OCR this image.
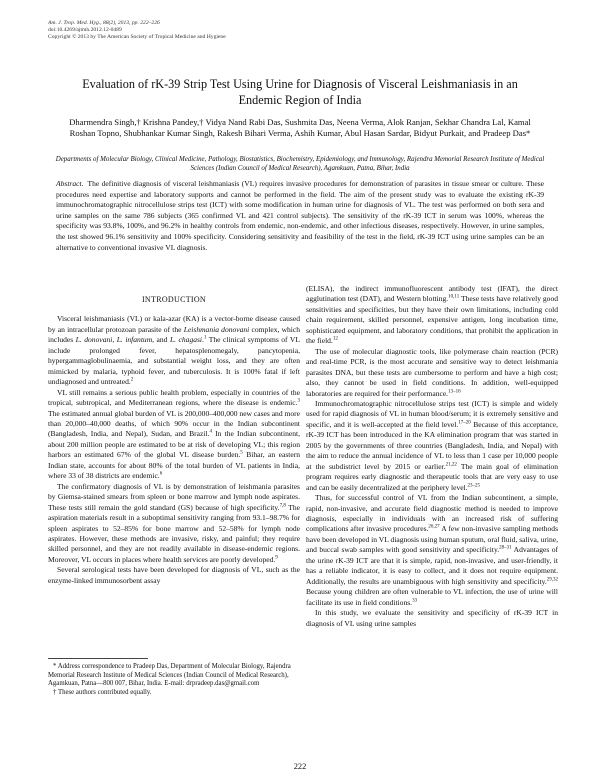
Am. J. Trop. Med. Hyg., 88(2), 2013, pp. 222–226
doi:10.4269/ajtmh.2012.12-0489
Copyright © 2013 by The American Society of Tropical Medicine and Hygiene
Evaluation of rK-39 Strip Test Using Urine for Diagnosis of Visceral Leishmaniasis in an Endemic Region of India
Dharmendra Singh,† Krishna Pandey,† Vidya Nand Rabi Das, Sushmita Das, Neena Verma, Alok Ranjan, Sekhar Chandra Lal, Kamal Roshan Topno, Shubhankar Kumar Singh, Rakesh Bihari Verma, Ashih Kumar, Abul Hasan Sardar, Bidyut Purkait, and Pradeep Das*
Departments of Molecular Biology, Clinical Medicine, Pathology, Biostatistics, Biochemistry, Epidemiology, and Immunology, Rajendra Memorial Research Institute of Medical Sciences (Indian Council of Medical Research), Agamkuan, Patna, Bihar, India
Abstract. The definitive diagnosis of visceral leishmaniasis (VL) requires invasive procedures for demonstration of parasites in tissue smear or culture. These procedures need expertise and laboratory supports and cannot be performed in the field. The aim of the present study was to evaluate the existing rK-39 immunochromatographic nitrocellulose strips test (ICT) with some modification in human urine for diagnosis of VL. The test was performed on both sera and urine samples on the same 786 subjects (365 confirmed VL and 421 control subjects). The sensitivity of the rK-39 ICT in serum was 100%, whereas the specificity was 93.8%, 100%, and 96.2% in healthy controls from endemic, non-endemic, and other infectious diseases, respectively. However, in urine samples, the test showed 96.1% sensitivity and 100% specificity. Considering sensitivity and feasibility of the test in the field, rK-39 ICT using urine samples can be an alternative to conventional invasive VL diagnosis.
INTRODUCTION

Visceral leishmaniasis (VL) or kala-azar (KA) is a vector-borne disease caused by an intracellular protozoan parasite of the Leishmania donovani complex, which includes L. donovani, L. infantum, and L. chagasi.$^1$ The clinical symptoms of VL include prolonged fever, hepatosplenomegaly, pancytopenia, hypergammaglobulinaemia, and substantial weight loss, and they are often mimicked by malaria, typhoid fever, and tuberculosis. It is 100% fatal if left undiagnosed and untreated.$^2$

VL still remains a serious public health problem, especially in countries of the tropical, subtropical, and Mediterranean regions, where the disease is endemic.$^3$ The estimated annual global burden of VL is 200,000–400,000 new cases and more than 20,000–40,000 deaths, of which 90% occur in the Indian subcontinent (Bangladesh, India, and Nepal), Sudan, and Brazil.$^4$ In the Indian subcontinent, about 200 million people are estimated to be at risk of developing VL; this region harbors an estimated 67% of the global VL disease burden.$^5$ Bihar, an eastern Indian state, accounts for about 80% of the total burden of VL patients in India, where 33 of 38 districts are endemic.$^6$

The confirmatory diagnosis of VL is by demonstration of leishmania parasites by Giemsa-stained smears from spleen or bone marrow and lymph node aspirates. These tests still remain the gold standard (GS) because of high specificity.$^{7,8}$ The aspiration materials result in a suboptimal sensitivity ranging from 93.1–98.7% for spleen aspirates to 52–85% for bone marrow and 52–58% for lymph node aspirates. However, these methods are invasive, risky, and painful; they require skilled personnel, and they are not readily available in disease-endemic regions. Moreover, VL occurs in places where health services are poorly developed.$^9$

Several serological tests have been developed for diagnosis of VL, such as the enzyme-linked immunosorbent assay

(ELISA), the indirect immunofluorescent antibody test (IFAT), the direct agglutination test (DAT), and Western blotting.$^{10,11}$ These tests have relatively good sensitivities and specificities, but they have their own limitations, including cold chain requirement, skilled personnel, expensive antigen, long incubation time, sophisticated equipment, and laboratory conditions, that prohibit the application in the field.$^{12}$

The use of molecular diagnostic tools, like polymerase chain reaction (PCR) and real-time PCR, is the most accurate and sensitive way to detect leishmania parasites DNA, but these tests are cumbersome to perform and have a high cost; also, they cannot be used in field conditions. In addition, well-equipped laboratories are required for their performance.$^{13-16}$

Immunochromatographic nitrocellulose strips test (ICT) is simple and widely used for rapid diagnosis of VL in human blood/serum; it is extremely sensitive and specific, and it is well-accepted at the field level.$^{17-20}$ Because of this acceptance, rK-39 ICT has been introduced in the KA elimination program that was started in 2005 by the governments of three countries (Bangladesh, India, and Nepal) with the aim to reduce the annual incidence of VL to less than 1 case per 10,000 people at the subdistrict level by 2015 or earlier.$^{21,22}$ The main goal of elimination program requires early diagnostic and therapeutic tools that are very easy to use and can be easily decentralized at the periphery level.$^{23-25}$

Thus, for successful control of VL from the Indian subcontinent, a simple, rapid, non-invasive, and accurate field diagnostic method is needed to improve diagnosis, especially in individuals with an increased risk of suffering complications after invasive procedures.$^{26,27}$ A few non-invasive sampling methods have been developed in VL diagnosis using human sputum, oral fluid, saliva, urine, and buccal swab samples with good sensitivity and specificity.$^{28-31}$ Advantages of the urine rK-39 ICT are that it is simple, rapid, non-invasive, and user-friendly, it has a reliable indicator, it is easy to collect, and it does not require equipment. Additionally, the results are unambiguous with high sensitivity and specificity.$^{29,32}$ Because young children are often vulnerable to VL infection, the use of urine will facilitate its use in field conditions.$^{33}$

In this study, we evaluate the sensitivity and specificity of rK-39 ICT in diagnosis of VL using urine samples

* Address correspondence to Pradeep Das, Department of Molecular Biology, Rajendra Memorial Research Institute of Medical Sciences (Indian Council of Medical Research), Agamkuan, Patna—800 007, Bihar, India. E-mail: drpradeep.das@gmail.com
† These authors contributed equally.
222
